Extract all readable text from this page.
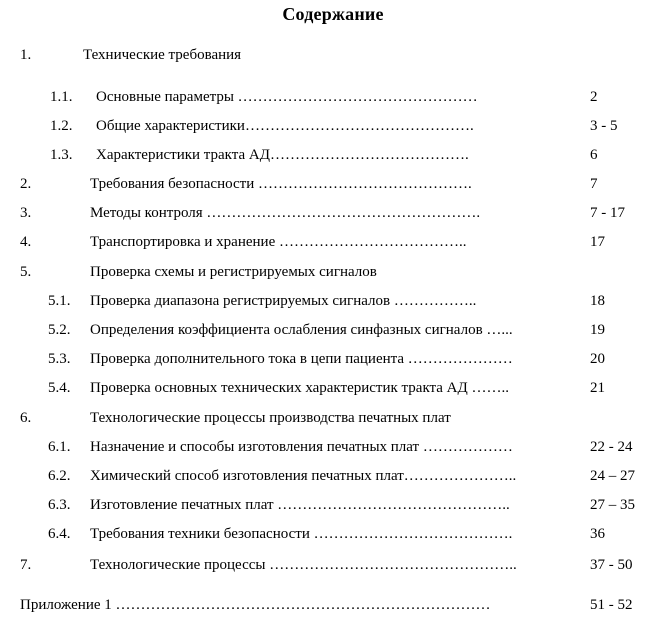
Содержание
1.	Технические требования
1.1. Основные параметры …………………………………………	2
1.2. Общие характеристики……………………………………….	3 - 5
1.3. Характеристики тракта АД………………………………….	6
2.	Требования безопасности …………………………………….	7
3.	Методы контроля ……………………………………………….	7 - 17
4.	Транспортировка и хранение ………………………………..	17
5.	Проверка схемы и регистрируемых сигналов
5.1. Проверка диапазона регистрируемых сигналов ……………..	18
5.2. Определения коэффициента ослабления синфазных сигналов …...	19
5.3. Проверка дополнительного тока в цепи пациента …………………	20
5.4. Проверка основных технических характеристик тракта АД ……..	21
6.	Технологические процессы производства печатных плат
6.1. Назначение и способы изготовления печатных плат ………………	22 - 24
6.2. Химический способ изготовления печатных плат…………………..	24 – 27
6.3. Изготовление печатных плат ………………………………………..	27 – 35
6.4. Требования техники безопасности ………………………………….	36
7.	Технологические процессы …………………………………………..	37 - 50
Приложение 1 …………………………………………………………………	51 - 52
